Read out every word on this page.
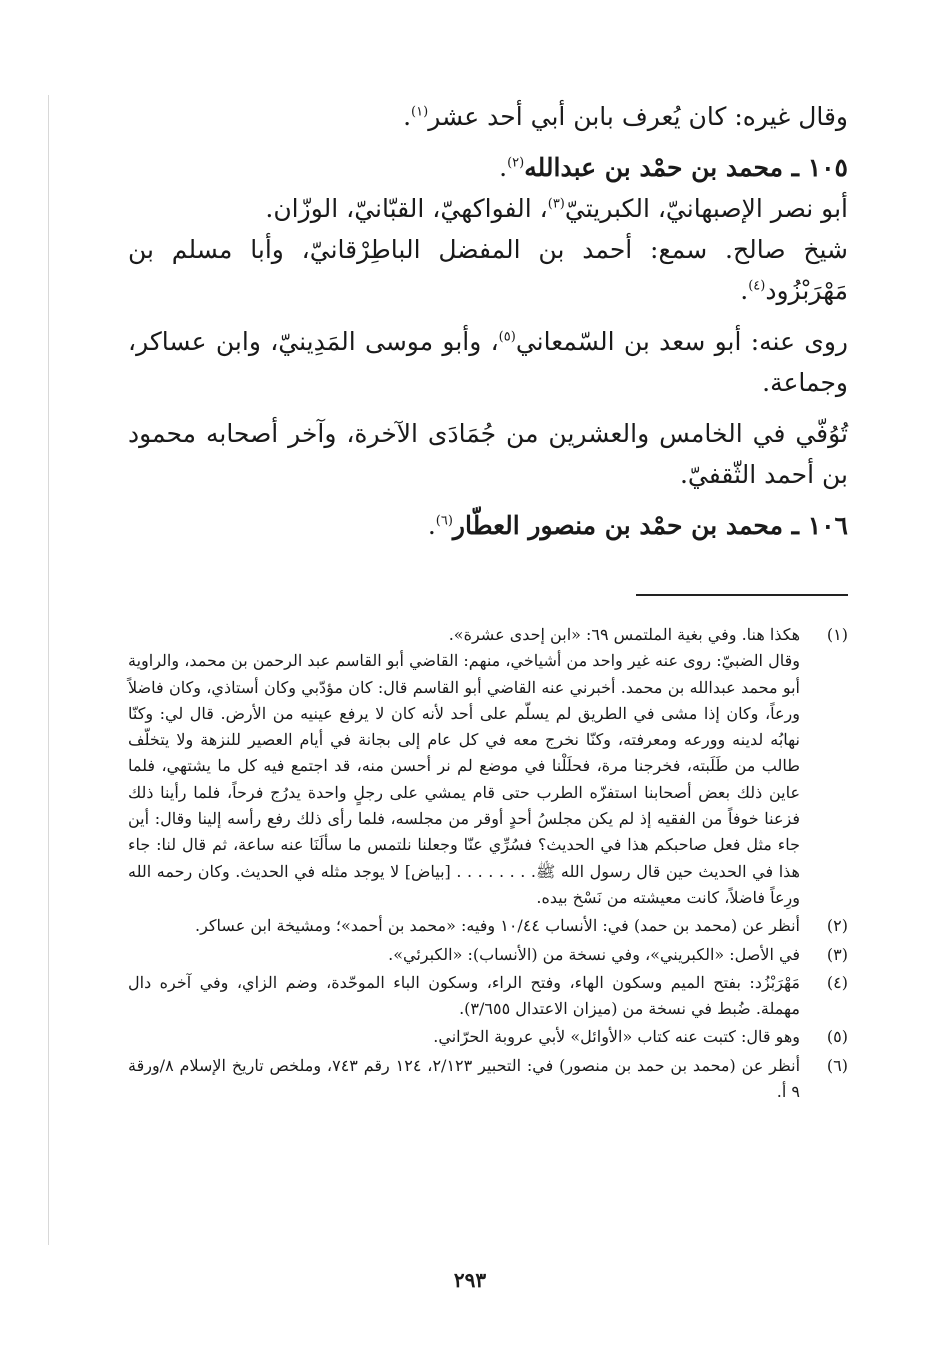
وقال غيره: كان يُعرف بابن أبي أحد عشر$^{(١)}$.

١٠٥ ـ محمد بن حمْد بن عبدالله$^{(٢)}$.

أبو نصر الإصبهانيّ، الكبريتيّ$^{(٣)}$، الفواكهيّ، القبّانيّ، الوزّان.

شيخ صالح. سمع: أحمد بن المفضل الباطِرْقانيّ، وأبا مسلم بن مَهْرَبْزُود$^{(٤)}$.

روى عنه: أبو سعد بن السّمعاني$^{(٥)}$، وأبو موسى المَدِينيّ، وابن عساكر، وجماعة.

تُوُفّي في الخامس والعشرين من جُمَادَى الآخرة، وآخر أصحابه محمود بن أحمد الثّقفيّ.

١٠٦ ـ محمد بن حمْد بن منصور العطّار$^{(٦)}$.

(١)

هكذا هنا. وفي بغية الملتمس ٦٩: «ابن إحدى عشرة».

وقال الضبيّ: روى عنه غير واحد من أشياخي، منهم: القاضي أبو القاسم عبد الرحمن بن محمد، والراوية أبو محمد عبدالله بن محمد. أخبرني عنه القاضي أبو القاسم قال: كان مؤدّبي وكان أستاذي، وكان فاضلاً ورعاً، وكان إذا مشى في الطريق لم يسلّم على أحد لأنه كان لا يرفع عينيه من الأرض. قال لي: وكنّا نهابُه لدينه وورعه ومعرفته، وكنّا نخرج معه في كل عام إلى بجانة في أيام العصير للنزهة ولا يتخلّف طالب من طَلَبته، فخرجنا مرة، فحلَلْنا في موضع لم نر أحسن منه، قد اجتمع فيه كل ما يشتهي، فلما عاين ذلك بعض أصحابنا استفزّه الطرب حتى قام يمشي على رجلٍ واحدة يدرُج فرحاً، فلما رأينا ذلك فزعنا خوفاً من الفقيه إذ لم يكن مجلسُ أحدٍ أوقر من مجلسه، فلما رأى ذلك رفع رأسه إلينا وقال: أين جاء مثل فعل صاحبكم هذا في الحديث؟ فسُرِّي عنّا وجعلنا نلتمس ما سألَنَا عنه ساعة، ثم قال لنا: جاء هذا في الحديث حين قال رسول الله ﷺ. . . . . . . . [بياض] لا يوجد مثله في الحديث. وكان رحمه الله ورِعاً فاضلاً، كانت معيشته من نَسْخ بيده.

(٢)

أنظر عن (محمد بن حمد) في: الأنساب ١٠/٤٤ وفيه: «محمد بن أحمد»؛ ومشيخة ابن عساكر.

(٣)

في الأصل: «الكبريني»، وفي نسخة من (الأنساب): «الكبرئي».

(٤)

مَهْرَبْزُد: بفتح الميم وسكون الهاء، وفتح الراء، وسكون الباء الموحّدة، وضم الزاي، وفي آخره دال مهملة. ضُبط في نسخة من (ميزان الاعتدال ٣/٦٥٥).

(٥)

وهو قال: كتبت عنه كتاب «الأوائل» لأبي عروبة الحرّاني.

(٦)

أنظر عن (محمد بن حمد بن منصور) في: التحبير ٢/١٢٣، ١٢٤ رقم ٧٤٣، وملخص تاريخ الإسلام ٨/ورقة ٩ أ.

٢٩٣
